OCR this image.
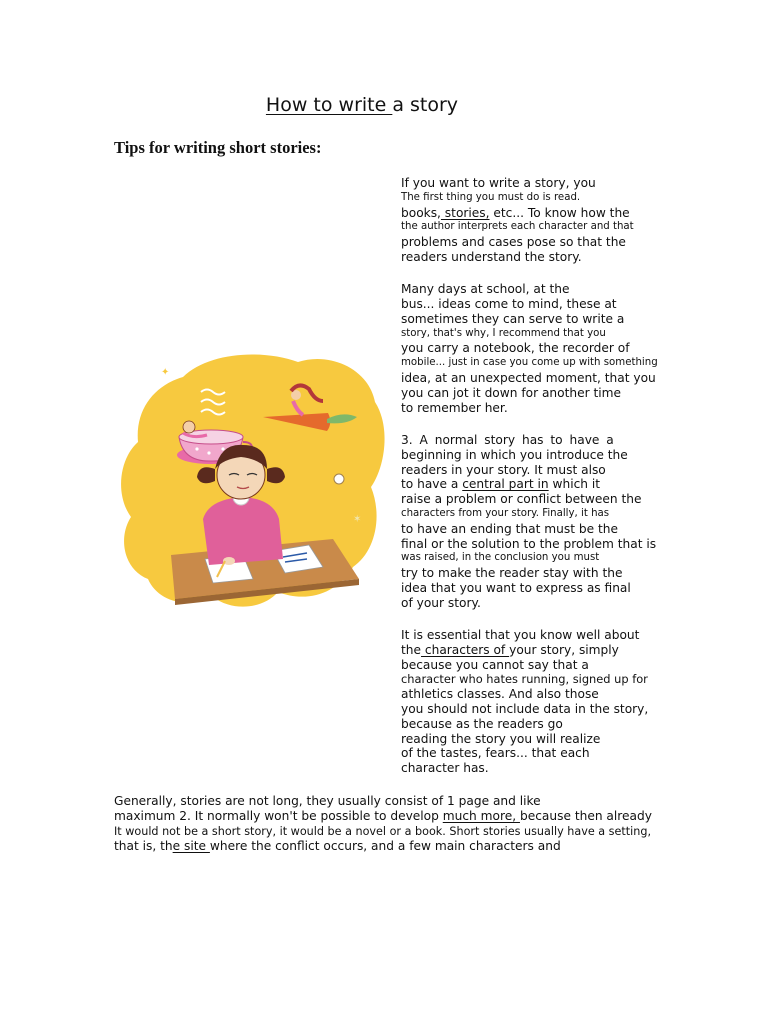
How to write a story
Tips for writing short stories:
✦
✶
If you want to write a story, you
The first thing you must do is read.
books, stories, etc... To know how the
the author interprets each character and that
problems and cases pose so that the
readers understand the story.
Many days at school, at the
bus... ideas come to mind, these at
sometimes they can serve to write a
story, that's why, I recommend that you
you carry a notebook, the recorder of
mobile... just in case you come up with something
idea, at an unexpected moment, that you
you can jot it down for another time
to remember her.
3. A normal story has to have a
beginning in which you introduce the
readers in your story. It must also
to have a central part in which it
raise a problem or conflict between the
characters from your story. Finally, it has
to have an ending that must be the
final or the solution to the problem that is
was raised, in the conclusion you must
try to make the reader stay with the
idea that you want to express as final
of your story.
It is essential that you know well about
the characters of your story, simply
because you cannot say that a
character who hates running, signed up for
athletics classes. And also those
you should not include data in the story,
because as the readers go
reading the story you will realize
of the tastes, fears... that each
character has.
Generally, stories are not long, they usually consist of 1 page and like
maximum 2. It normally won't be possible to develop much more, because then already
It would not be a short story, it would be a novel or a book. Short stories usually have a setting,
that is, the site where the conflict occurs, and a few main characters and
